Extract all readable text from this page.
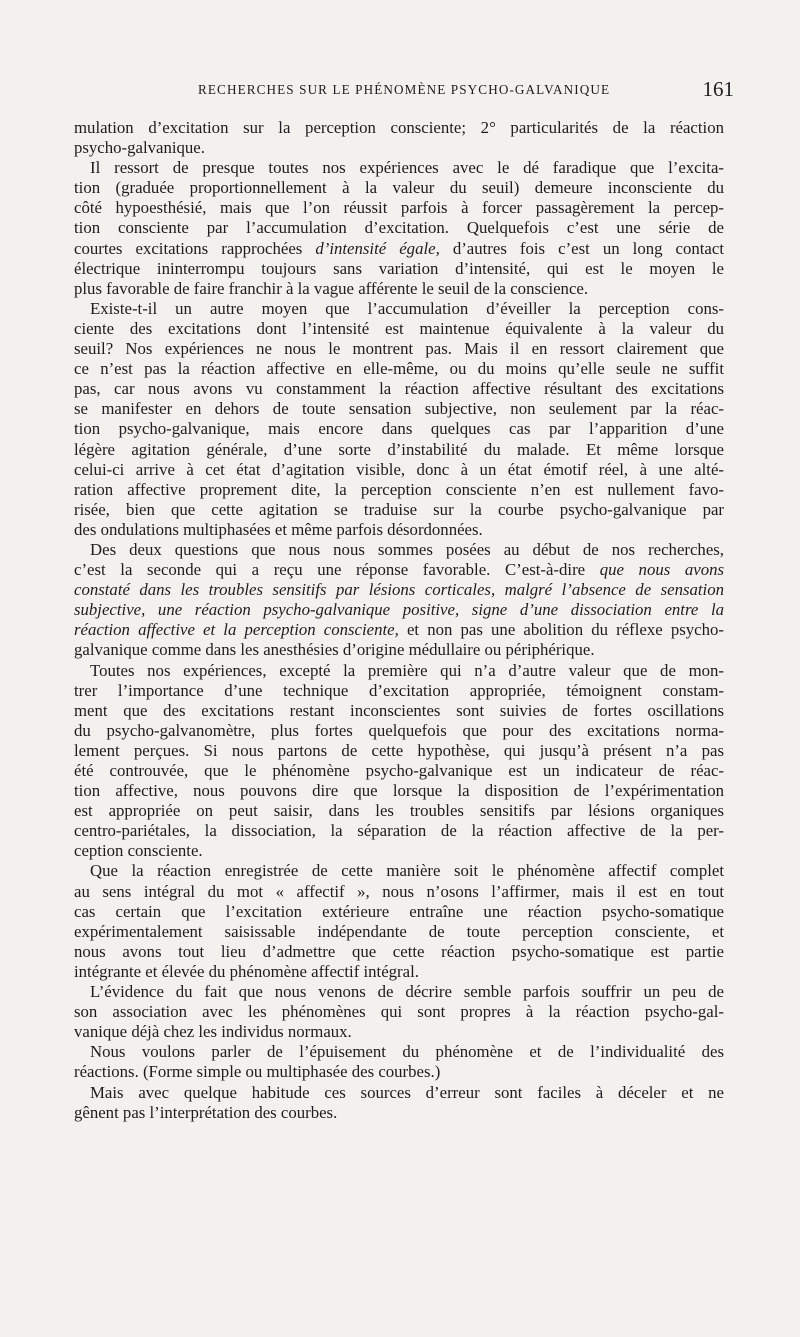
RECHERCHES SUR LE PHÉNOMÈNE PSYCHO-GALVANIQUE	161
mulation d’excitation sur la perception consciente; 2° particularités de la réaction
psycho-galvanique.
Il ressort de presque toutes nos expériences avec le dé faradique que l’excita-
tion (graduée proportionnellement à la valeur du seuil) demeure inconsciente du
côté hypoesthésié, mais que l’on réussit parfois à forcer passagèrement la percep-
tion consciente par l’accumulation d’excitation. Quelquefois c’est une série de
courtes excitations rapprochées d’intensité égale, d’autres fois c’est un long contact
électrique ininterrompu toujours sans variation d’intensité, qui est le moyen le
plus favorable de faire franchir à la vague afférente le seuil de la conscience.
Existe-t-il un autre moyen que l’accumulation d’éveiller la perception cons-
ciente des excitations dont l’intensité est maintenue équivalente à la valeur du
seuil? Nos expériences ne nous le montrent pas. Mais il en ressort clairement que
ce n’est pas la réaction affective en elle-même, ou du moins qu’elle seule ne suffit
pas, car nous avons vu constamment la réaction affective résultant des excitations
se manifester en dehors de toute sensation subjective, non seulement par la réac-
tion psycho-galvanique, mais encore dans quelques cas par l’apparition d’une
légère agitation générale, d’une sorte d’instabilité du malade. Et même lorsque
celui-ci arrive à cet état d’agitation visible, donc à un état émotif réel, à une alté-
ration affective proprement dite, la perception consciente n’en est nullement favo-
risée, bien que cette agitation se traduise sur la courbe psycho-galvanique par
des ondulations multiphasées et même parfois désordonnées.
Des deux questions que nous nous sommes posées au début de nos recherches,
c’est la seconde qui a reçu une réponse favorable. C’est-à-dire que nous avons
constaté dans les troubles sensitifs par lésions corticales, malgré l’absence de sensation
subjective, une réaction psycho-galvanique positive, signe d’une dissociation entre la
réaction affective et la perception consciente, et non pas une abolition du réflexe psycho-
galvanique comme dans les anesthésies d’origine médullaire ou périphérique.
Toutes nos expériences, excepté la première qui n’a d’autre valeur que de mon-
trer l’importance d’une technique d’excitation appropriée, témoignent constam-
ment que des excitations restant inconscientes sont suivies de fortes oscillations
du psycho-galvanomètre, plus fortes quelquefois que pour des excitations norma-
lement perçues. Si nous partons de cette hypothèse, qui jusqu’à présent n’a pas
été controuvée, que le phénomène psycho-galvanique est un indicateur de réac-
tion affective, nous pouvons dire que lorsque la disposition de l’expérimentation
est appropriée on peut saisir, dans les troubles sensitifs par lésions organiques
centro-pariétales, la dissociation, la séparation de la réaction affective de la per-
ception consciente.
Que la réaction enregistrée de cette manière soit le phénomène affectif complet
au sens intégral du mot « affectif », nous n’osons l’affirmer, mais il est en tout
cas certain que l’excitation extérieure entraîne une réaction psycho-somatique
expérimentalement saisissable indépendante de toute perception consciente, et
nous avons tout lieu d’admettre que cette réaction psycho-somatique est partie
intégrante et élevée du phénomène affectif intégral.
L’évidence du fait que nous venons de décrire semble parfois souffrir un peu de
son association avec les phénomènes qui sont propres à la réaction psycho-gal-
vanique déjà chez les individus normaux.
Nous voulons parler de l’épuisement du phénomène et de l’individualité des
réactions. (Forme simple ou multiphasée des courbes.)
Mais avec quelque habitude ces sources d’erreur sont faciles à déceler et ne
gênent pas l’interprétation des courbes.
